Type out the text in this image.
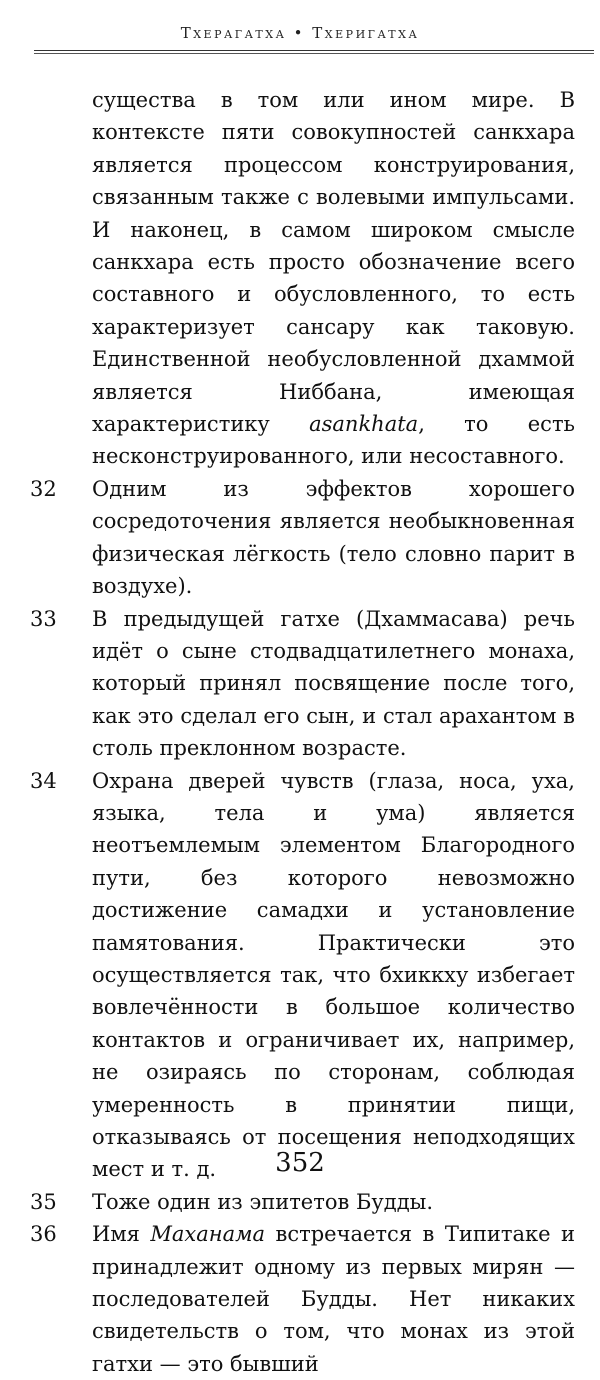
Тхерагатха • Тхеригатха
существа в том или ином мире. В контексте пяти совокупностей санкхара является процессом конструирования, связанным также с волевыми импульсами. И наконец, в самом широком смысле санкхара есть просто обозначение всего составного и обусловленного, то есть характеризует сансару как таковую. Единственной необусловленной дхаммой является Ниббана, имеющая характеристику asankhata, то есть несконструированного, или несоставного.
32 Одним из эффектов хорошего сосредоточения является необыкновенная физическая лёгкость (тело словно парит в воздухе).
33 В предыдущей гатхе (Дхаммасава) речь идёт о сыне стодвадцатилетнего монаха, который принял посвящение после того, как это сделал его сын, и стал арахантом в столь преклонном возрасте.
34 Охрана дверей чувств (глаза, носа, уха, языка, тела и ума) является неотъемлемым элементом Благородного пути, без которого невозможно достижение самадхи и установление памятования. Практически это осуществляется так, что бхиккху избегает вовлечённости в большое количество контактов и ограничивает их, например, не озираясь по сторонам, соблюдая умеренность в принятии пищи, отказываясь от посещения неподходящих мест и т. д.
35 Тоже один из эпитетов Будды.
36 Имя Маханама встречается в Типитаке и принадлежит одному из первых мирян — последователей Будды. Нет никаких свидетельств о том, что монах из этой гатхи — это бывший
352
